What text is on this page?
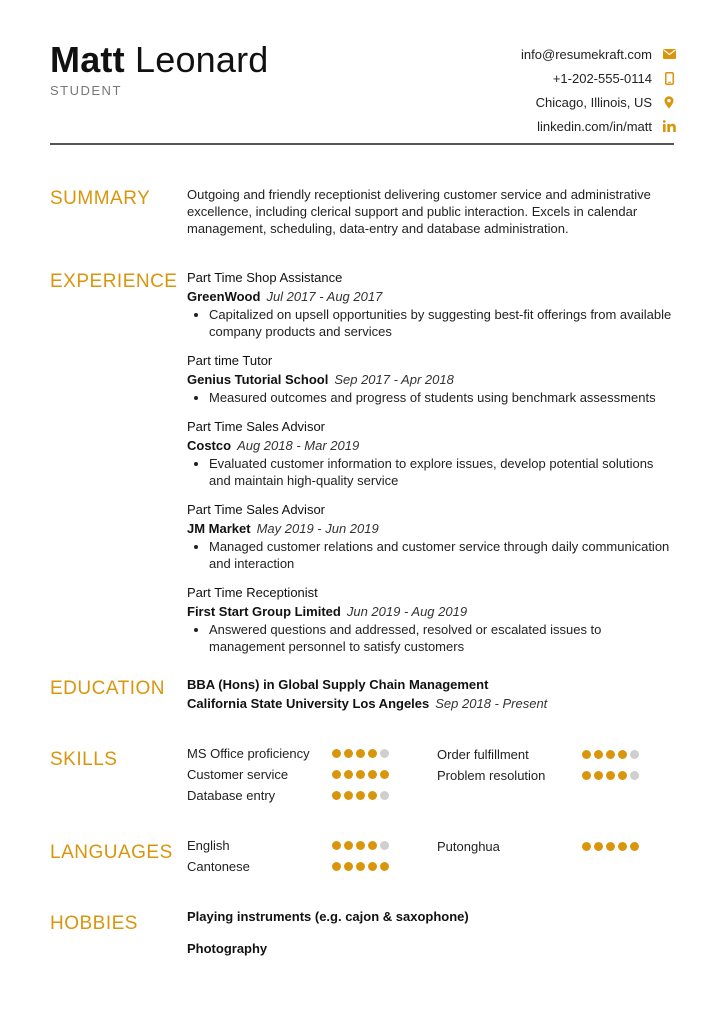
Matt Leonard
STUDENT
info@resumekraft.com
+1-202-555-0114
Chicago, Illinois, US
linkedin.com/in/matt
SUMMARY	Outgoing and friendly receptionist delivering customer service and administrative excellence, including clerical support and public interaction. Excels in calendar management, scheduling, data-entry and database administration.
EXPERIENCE Part Time Shop Assistance
GreenWood Jul 2017 - Aug 2017
• Capitalized on upsell opportunities by suggesting best-fit offerings from available company products and services
Part time Tutor
Genius Tutorial School Sep 2017 - Apr 2018
• Measured outcomes and progress of students using benchmark assessments
Part Time Sales Advisor
Costco Aug 2018 - Mar 2019
• Evaluated customer information to explore issues, develop potential solutions and maintain high-quality service
Part Time Sales Advisor
JM Market May 2019 - Jun 2019
• Managed customer relations and customer service through daily communication and interaction
Part Time Receptionist
First Start Group Limited Jun 2019 - Aug 2019
• Answered questions and addressed, resolved or escalated issues to management personnel to satisfy customers
EDUCATION BBA (Hons) in Global Supply Chain Management
California State University Los Angeles Sep 2018 - Present
SKILLS	MS Office proficiency	Order fulfillment
Customer service	Problem resolution
Database entry
LANGUAGES English	Putonghua
Cantonese
HOBBIES	Playing instruments (e.g. cajon & saxophone)
Photography
